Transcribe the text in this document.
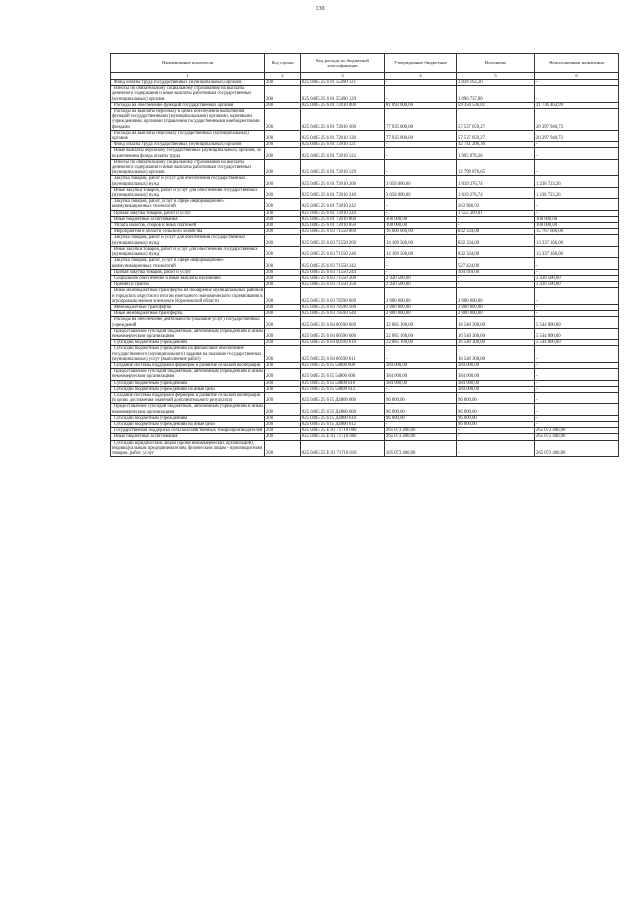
130
Наименование показателя	Код строки	Код расхода по бюджетной классификации	Утвержденные бюджетные	Исполнено	Неисполненные назначения
1	2	3	4	5	6
Фонд оплаты труда государственных (муниципальных) органов	200	825 0405 25 6 01 55490 121	-	3 839 162,20	-
Взносы по обязательному социальному страхованию на выплаты денежного содержания и иные выплаты работникам государственных (муниципальных) органов	200	825 0405 25 6 01 55490 129	-	1 096 737,80	-
Расходы на обеспечение функций государственных органов	200	825 0405 25 6 01 72010 000	81 093 000,00	59 356 536,01	21 736 463,99
Расходы на выплаты персоналу в целях обеспечения выполнения функций государственными (муниципальными) органами, казенными учреждениями, органами управления государственными внебюджетными фондами	200	825 0405 25 6 01 72010 100	77 935 000,00	57 537 059,27	20 397 940,73
Расходы на выплаты персоналу государственных (муниципальных) органов	200	825 0405 25 6 01 72010 120	77 935 000,00	57 537 059,27	20 397 940,73
Фонд оплаты труда государственных (муниципальных) органов	200	825 0405 25 6 01 72010 121	-	42 741 206,36	-
Иные выплаты персоналу государственных (муниципальных) органов, за исключением фонда оплаты труда	200	825 0405 25 6 01 72010 122	-	1 995 976,26	-
Взносы по обязательному социальному страхованию на выплаты денежного содержания и иные выплаты работникам государственных (муниципальных) органов	200	825 0405 25 6 01 72010 129	-	12 799 876,65	-
Закупка товаров, работ и услуг для обеспечения государственных (муниципальных) нужд	200	825 0405 25 6 01 72010 200	3 058 000,00	1 819 276,74	1 238 723,26
Иные закупки товаров, работ и услуг для обеспечения государственных (муниципальных) нужд	200	825 0405 25 6 01 72010 240	3 058 000,00	1 819 276,74	1 238 723,26
Закупка товаров, работ, услуг в сфере информационно-коммуникационных технологий	200	825 0405 25 6 01 72010 242	-	263 966,93	-
Прочая закупка товаров, работ и услуг	200	825 0405 25 6 01 72010 244	-	1 555 309,81	-
Иные бюджетные ассигнования	200	825 0405 25 6 01 72010 800	100 000,00	-	100 000,00
Уплата налогов, сборов и иных платежей	200	825 0405 25 6 01 72010 850	100 000,00	-	100 000,00
Мероприятия в области сельского хозяйства	200	825 0405 25 6 03 71550 000	16 600 000,00	832 334,00	15 767 666,00
Закупка товаров, работ и услуг для обеспечения государственных (муниципальных) нужд	200	825 0405 25 6 03 71550 200	14 169 500,00	832 334,00	13 337 166,00
Иные закупки товаров, работ и услуг для обеспечения государственных (муниципальных) нужд	200	825 0405 25 6 03 71550 240	14 169 500,00	832 334,00	13 337 166,00
Закупка товаров, работ, услуг в сфере информационно-коммуникационных технологий	200	825 0405 25 6 03 71550 242	-	527 424,00	-
Прочая закупка товаров, работ и услуг	200	825 0405 25 6 03 71550 244	-	304 910,00	-
Социальное обеспечение и иные выплаты населению	200	825 0405 25 6 03 71550 300	2 430 500,00	-	2 430 500,00
Премии и гранты	200	825 0405 25 6 03 71550 350	2 430 500,00	-	2 430 500,00
Иные межбюджетные трансферты на поощрение муниципальных районов и городских округов по итогам ежегодного экономического соревнования в агропромышленном комплексе Воронежской области	200	825 0405 25 6 03 78590 000	2 000 000,00	2 000 000,00	-
Межбюджетные трансферты	200	825 0405 25 6 03 78590 500	2 000 000,00	2 000 000,00	-
Иные межбюджетные трансферты	200	825 0405 25 6 03 78590 540	2 000 000,00	2 000 000,00	-
Расходы на обеспечение деятельности (оказание услуг) государственных учреждений	200	825 0405 25 6 04 00590 000	22 085 100,00	16 540 300,00	5 544 800,00
Предоставление субсидий бюджетным, автономным учреждениям и иным некоммерческим организациям	200	825 0405 25 6 04 00590 600	22 085 100,00	16 540 300,00	5 544 800,00
Субсидии бюджетным учреждениям	200	825 0405 25 6 04 00590 610	22 085 100,00	16 540 300,00	5 544 800,00
Субсидии бюджетным учреждениям на финансовое обеспечение государственного (муниципального) задания на оказание государственных (муниципальных) услуг (выполнение работ)	200	825 0405 25 6 04 00590 611	-	16 540 300,00	-
Создание системы поддержки фермеров и развитие сельской кооперации	200	825 0405 25 6 I5 54800 000	384 000,00	384 000,00	-
Предоставление субсидий бюджетным, автономным учреждениям и иным некоммерческим организациям	200	825 0405 25 6 I5 54800 600	384 000,00	384 000,00	-
Субсидии бюджетным учреждениям	200	825 0405 25 6 I5 54800 610	384 000,00	384 000,00	-
Субсидии бюджетным учреждениям на иные цели	200	825 0405 25 6 I5 54800 612	-	384 000,00	-
Создание системы поддержки фермеров и развитие сельской кооперации (в целях достижения значений дополнительного результата)	200	825 0405 25 6 I5 Д4800 000	96 000,00	96 000,00	-
Предоставление субсидий бюджетным, автономным учреждениям и иным некоммерческим организациям	200	825 0405 25 6 I5 Д4800 600	96 000,00	96 000,00	-
Субсидии бюджетным учреждениям	200	825 0405 25 6 I5 Д4800 610	96 000,00	96 000,00	-
Субсидии бюджетным учреждениям на иные цели	200	825 0405 25 6 I5 Д4800 612	-	96 000,00	-
Государственная поддержка сельскохозяйственных товаропроизводителей	200	825 0405 25 Е 01 71710 000	265 073 400,00	-	265 073 400,00
Иные бюджетные ассигнования	200	825 0405 25 Е 01 71710 800	265 073 400,00	-	265 073 400,00
Субсидии юридическим лицам (кроме некоммерческих организаций), индивидуальным предпринимателям, физическим лицам - производителям товаров, работ, услуг	200	825 0405 25 Е 01 71710 810	265 073 400,00	-	265 073 400,00
